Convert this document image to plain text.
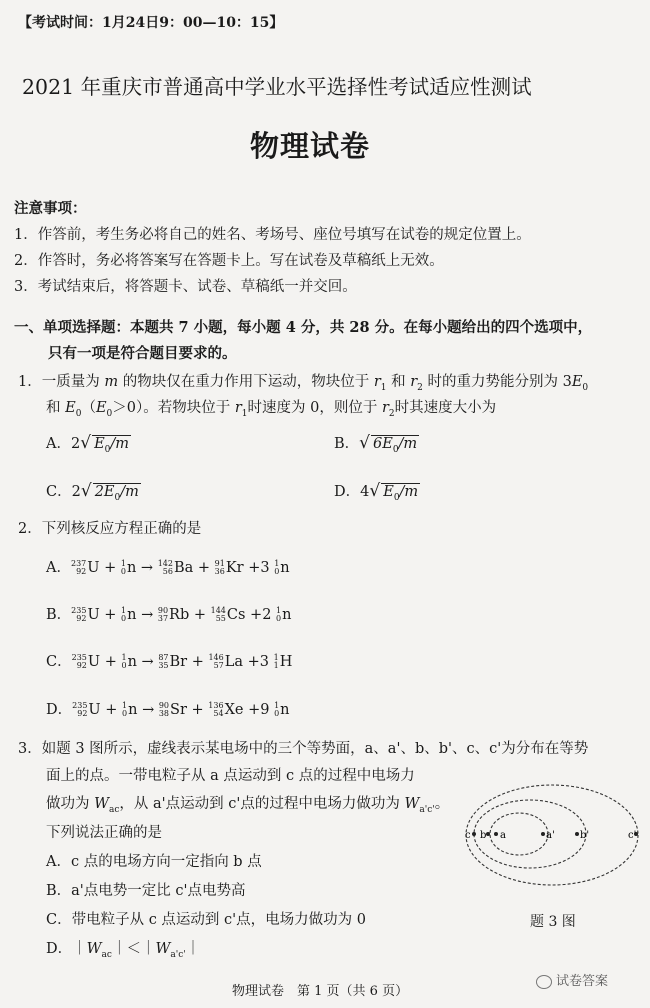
【考试时间：1月24日9：00—10：15】
2021 年重庆市普通高中学业水平选择性考试适应性测试
物理试卷
注意事项：
1．作答前，考生务必将自己的姓名、考场号、座位号填写在试卷的规定位置上。
2．作答时，务必将答案写在答题卡上。写在试卷及草稿纸上无效。
3．考试结束后，将答题卡、试卷、草稿纸一并交回。
一、单项选择题：本题共 7 小题，每小题 4 分，共 28 分。在每小题给出的四个选项中，
只有一项是符合题目要求的。
1．一质量为 m 的物块仅在重力作用下运动，物块位于 $r_1$ 和 $r_2$ 时的重力势能分别为 $3E_0$
和 $E_0(E_0>0)$。若物块位于 $r_1$时速度为 0，则位于 $r_2$时其速度大小为
A．2√ $E_0/m$	B．√ $6E_0/m$
C．2√ $2E_0/m$	D．4√ $E_0/m$
2．下列核反应方程正确的是
A． 237
92 U + 1
0 n → 142
56 Ba + 91
36 Kr +3 1
0 n
B． 235
92 U + 1
0 n → 90
37 Rb + 144
55 Cs +2 1
0 n
C． 235
92 U + 1
0 n → 87
35 Br + 146
57 La +3 1
1 H
D． 235
92 U + 1
0 n → 90
38 Sr + 136
54 Xe +9 1
0 n
3．如题 3 图所示，虚线表示某电场中的三个等势面，a、a'、b、b'、c、c'为分布在等势
面上的点。一带电粒子从 a 点运动到 c 点的过程中电场力
做功为 $W_{ac}$，从 a'点运动到 c'点的过程中电场力做功为 $W_{a'c'}$。
下列说法正确的是
A．c 点的电场方向一定指向 b 点
B．a'点电势一定比 c'点电势高
C．带电粒子从 c 点运动到 c'点，电场力做功为 0
D．$|W_{ac}|<|W_{a'c'}|$
c b a	a'	b'	c'
题 3 图
物理试卷　第 1 页（共 6 页）
试卷答案
